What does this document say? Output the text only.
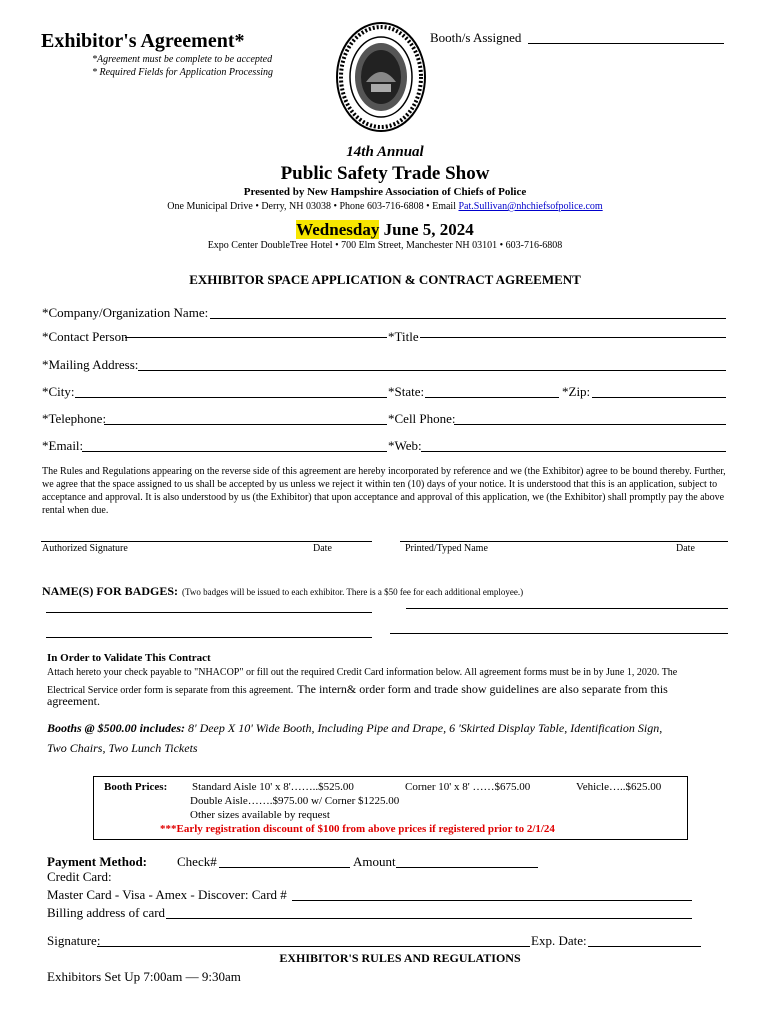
Exhibitor's Agreement*
*Agreement must be complete to be accepted
* Required Fields for Application Processing
Booth/s Assigned
14th Annual
Public Safety Trade Show
Presented by New Hampshire Association of Chiefs of Police
One Municipal Drive • Derry, NH 03038 • Phone 603-716-6808 • Email Pat.Sullivan@nhchiefsofpolice.com
Wednesday June 5, 2024
Expo Center DoubleTree Hotel • 700 Elm Street, Manchester NH 03101 • 603-716-6808
EXHIBITOR SPACE APPLICATION & CONTRACT AGREEMENT
*Company/Organization Name:
*Contact Person	*Title
*Mailing Address:
*City:	*State:	*Zip:
*Telephone:	*Cell Phone:
*Email:	*Web:
The Rules and Regulations appearing on the reverse side of this agreement are hereby incorporated by reference and we (the Exhibitor) agree to be bound thereby. Further, we agree that the space assigned to us shall be accepted by us unless we reject it within ten (10) days of your notice. It is understood that this is an application, subject to acceptance and approval. It is also understood by us (the Exhibitor) that upon acceptance and approval of this application, we (the Exhibitor) shall promptly pay the above rental when due.
Authorized Signature	Date	Printed/Typed Name	Date
NAME(S) FOR BADGES: (Two badges will be issued to each exhibitor. There is a $50 fee for each additional employee.)
In Order to Validate This Contract
Attach hereto your check payable to "NHACOP" or fill out the required Credit Card information below. All agreement forms must be in by June 1, 2020. The
Electrical Service order form is separate from this agreement. The intern& order form and trade show guidelines are also separate from this
agreement.
Booths @ $500.00 includes: 8' Deep X 10' Wide Booth, Including Pipe and Drape, 6 'Skirted Display Table, Identification Sign,
Two Chairs, Two Lunch Tickets
Booth Prices: Standard Aisle 10' x 8'……..$525.00	Corner 10' x 8' ……$675.00	Vehicle…..$625.00
Double Aisle…….$975.00 w/ Corner $1225.00
Other sizes available by request
***Early registration discount of $100 from above prices if registered prior to 2/1/24
Payment Method: Check#	Amount
Credit Card:
Master Card - Visa - Amex - Discover: Card #
Billing address of card
Signature:	Exp. Date:
EXHIBITOR'S RULES AND REGULATIONS
Exhibitors Set Up 7:00am — 9:30am
